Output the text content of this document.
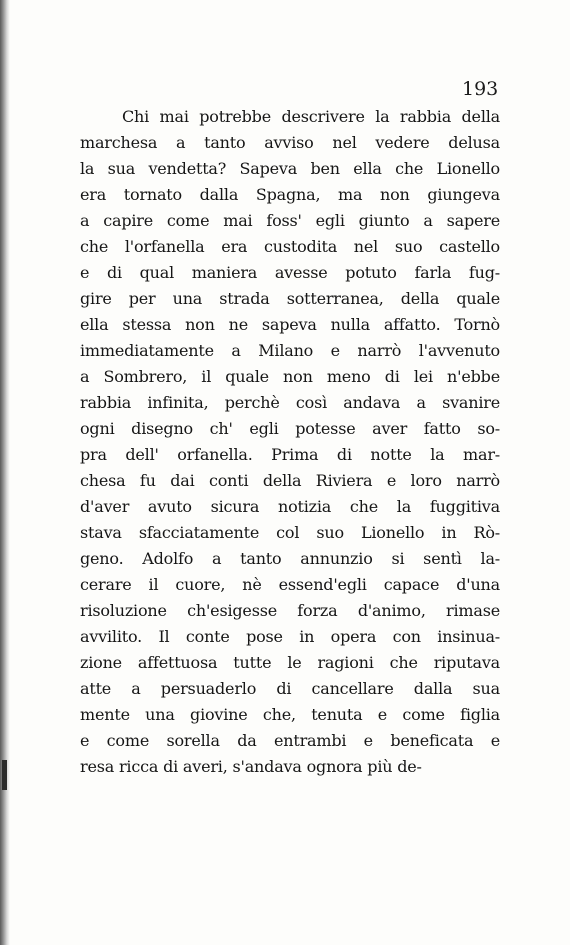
193

Chi mai potrebbe descrivere la rabbia della
marchesa a tanto avviso nel vedere delusa
la sua vendetta? Sapeva ben ella che Lionello
era tornato dalla Spagna, ma non giungeva
a capire come mai foss' egli giunto a sapere
che l'orfanella era custodita nel suo castello
e di qual maniera avesse potuto farla fug-
gire per una strada sotterranea, della quale
ella stessa non ne sapeva nulla affatto. Tornò
immediatamente a Milano e narrò l'avvenuto
a Sombrero, il quale non meno di lei n'ebbe
rabbia infinita, perchè così andava a svanire
ogni disegno ch' egli potesse aver fatto so-
pra dell' orfanella. Prima di notte la mar-
chesa fu dai conti della Riviera e loro narrò
d'aver avuto sicura notizia che la fuggitiva
stava sfacciatamente col suo Lionello in Rò-
geno. Adolfo a tanto annunzio si sentì la-
cerare il cuore, nè essend'egli capace d'una
risoluzione ch'esigesse forza d'animo, rimase
avvilito. Il conte pose in opera con insinua-
zione affettuosa tutte le ragioni che riputava
atte a persuaderlo di cancellare dalla sua
mente una giovine che, tenuta e come figlia
e come sorella da entrambi e beneficata e
resa ricca di averi, s'andava ognora più de-
